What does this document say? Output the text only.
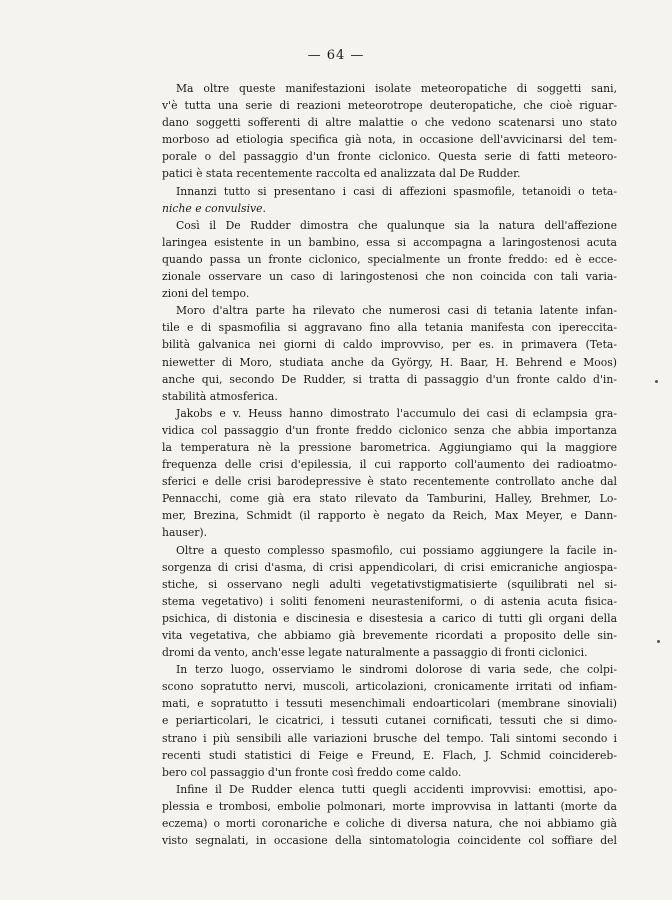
— 64 —
Ma oltre queste manifestazioni isolate meteoropatiche di soggetti sani,
v'è tutta una serie di reazioni meteorotrope deuteropatiche, che cioè riguar-
dano soggetti sofferenti di altre malattie o che vedono scatenarsi uno stato
morboso ad etiologia specifica già nota, in occasione dell'avvicinarsi del tem-
porale o del passaggio d'un fronte ciclonico. Questa serie di fatti meteoro-
patici è stata recentemente raccolta ed analizzata dal De Rudder.
Innanzi tutto si presentano i casi di affezioni spasmofile, tetanoidi o teta-
niche e convulsive.
Così il De Rudder dimostra che qualunque sia la natura dell'affezione
laringea esistente in un bambino, essa si accompagna a laringostenosi acuta
quando passa un fronte ciclonico, specialmente un fronte freddo: ed è ecce-
zionale osservare un caso di laringostenosi che non coincida con tali varia-
zioni del tempo.
Moro d'altra parte ha rilevato che numerosi casi di tetania latente infan-
tile e di spasmofilia si aggravano fino alla tetania manifesta con iperecci​ta-
bilità galvanica nei giorni di caldo improvviso, per es. in primavera (Teta-
niewetter di Moro, studiata anche da György, H. Baar, H. Behrend e Moos)
anche qui, secondo De Rudder, si tratta di passaggio d'un fronte caldo d'in-
stabilità atmosferica.
Jakobs e v. Heuss hanno dimostrato l'accumulo dei casi di eclampsia gra-
vidica col passaggio d'un fronte freddo ciclonico senza che abbia importanza
la temperatura nè la pressione barometrica. Aggiungiamo qui la maggiore
frequenza delle crisi d'epilessia, il cui rapporto coll'aumento dei radioatmo-
sferici e delle crisi barodepressive è stato recentemente controllato anche dal
Pennacchi, come già era stato rilevato da Tamburini, Halley, Brehmer, Lo-
mer, Brezina, Schmidt (il rapporto è negato da Reich, Max Meyer, e Dann-
hauser).
Oltre a questo complesso spasmofilo, cui possiamo aggiungere la facile in-
sorgenza di crisi d'asma, di crisi appendicolari, di crisi emicraniche angiospa-
stiche, si osservano negli adulti vegetativstigmatisierte (squilibrati nel si-
stema vegetativo) i soliti fenomeni neurasteniformi, o di astenia acuta fisica-
psichica, di distonia e discinesia e disestesia a carico di tutti gli organi della
vita vegetativa, che abbiamo già brevemente ricordati a proposito delle sin-
dromi da vento, anch'esse legate naturalmente a passaggio di fronti ciclonici.
In terzo luogo, osserviamo le sindromi dolorose di varia sede, che colpi-
scono sopratutto nervi, muscoli, articolazioni, cronicamente irritati od infiam-
mati, e sopratutto i tessuti mesenchimali endoarticolari (membrane sinoviali)
e periarticolari, le cicatrici, i tessuti cutanei cornificati, tessuti che si dimo-
strano i più sensibili alle variazioni brusche del tempo. Tali sintomi secondo i
recenti studi statistici di Feige e Freund, E. Flach, J. Schmid coinciderеb-
bero col passaggio d'un fronte così freddo come caldo.
Infine il De Rudder elenca tutti quegli accidenti improvvisi: emottisi, apo-
plessia e trombosi, embolie polmonari, morte improvvisa in lattanti (morte da
eczema) o morti coronariche e coliche di diversa natura, che noi abbiamo già
visto segnalati, in occasione della sintomatologia coincidente col soffiare del
